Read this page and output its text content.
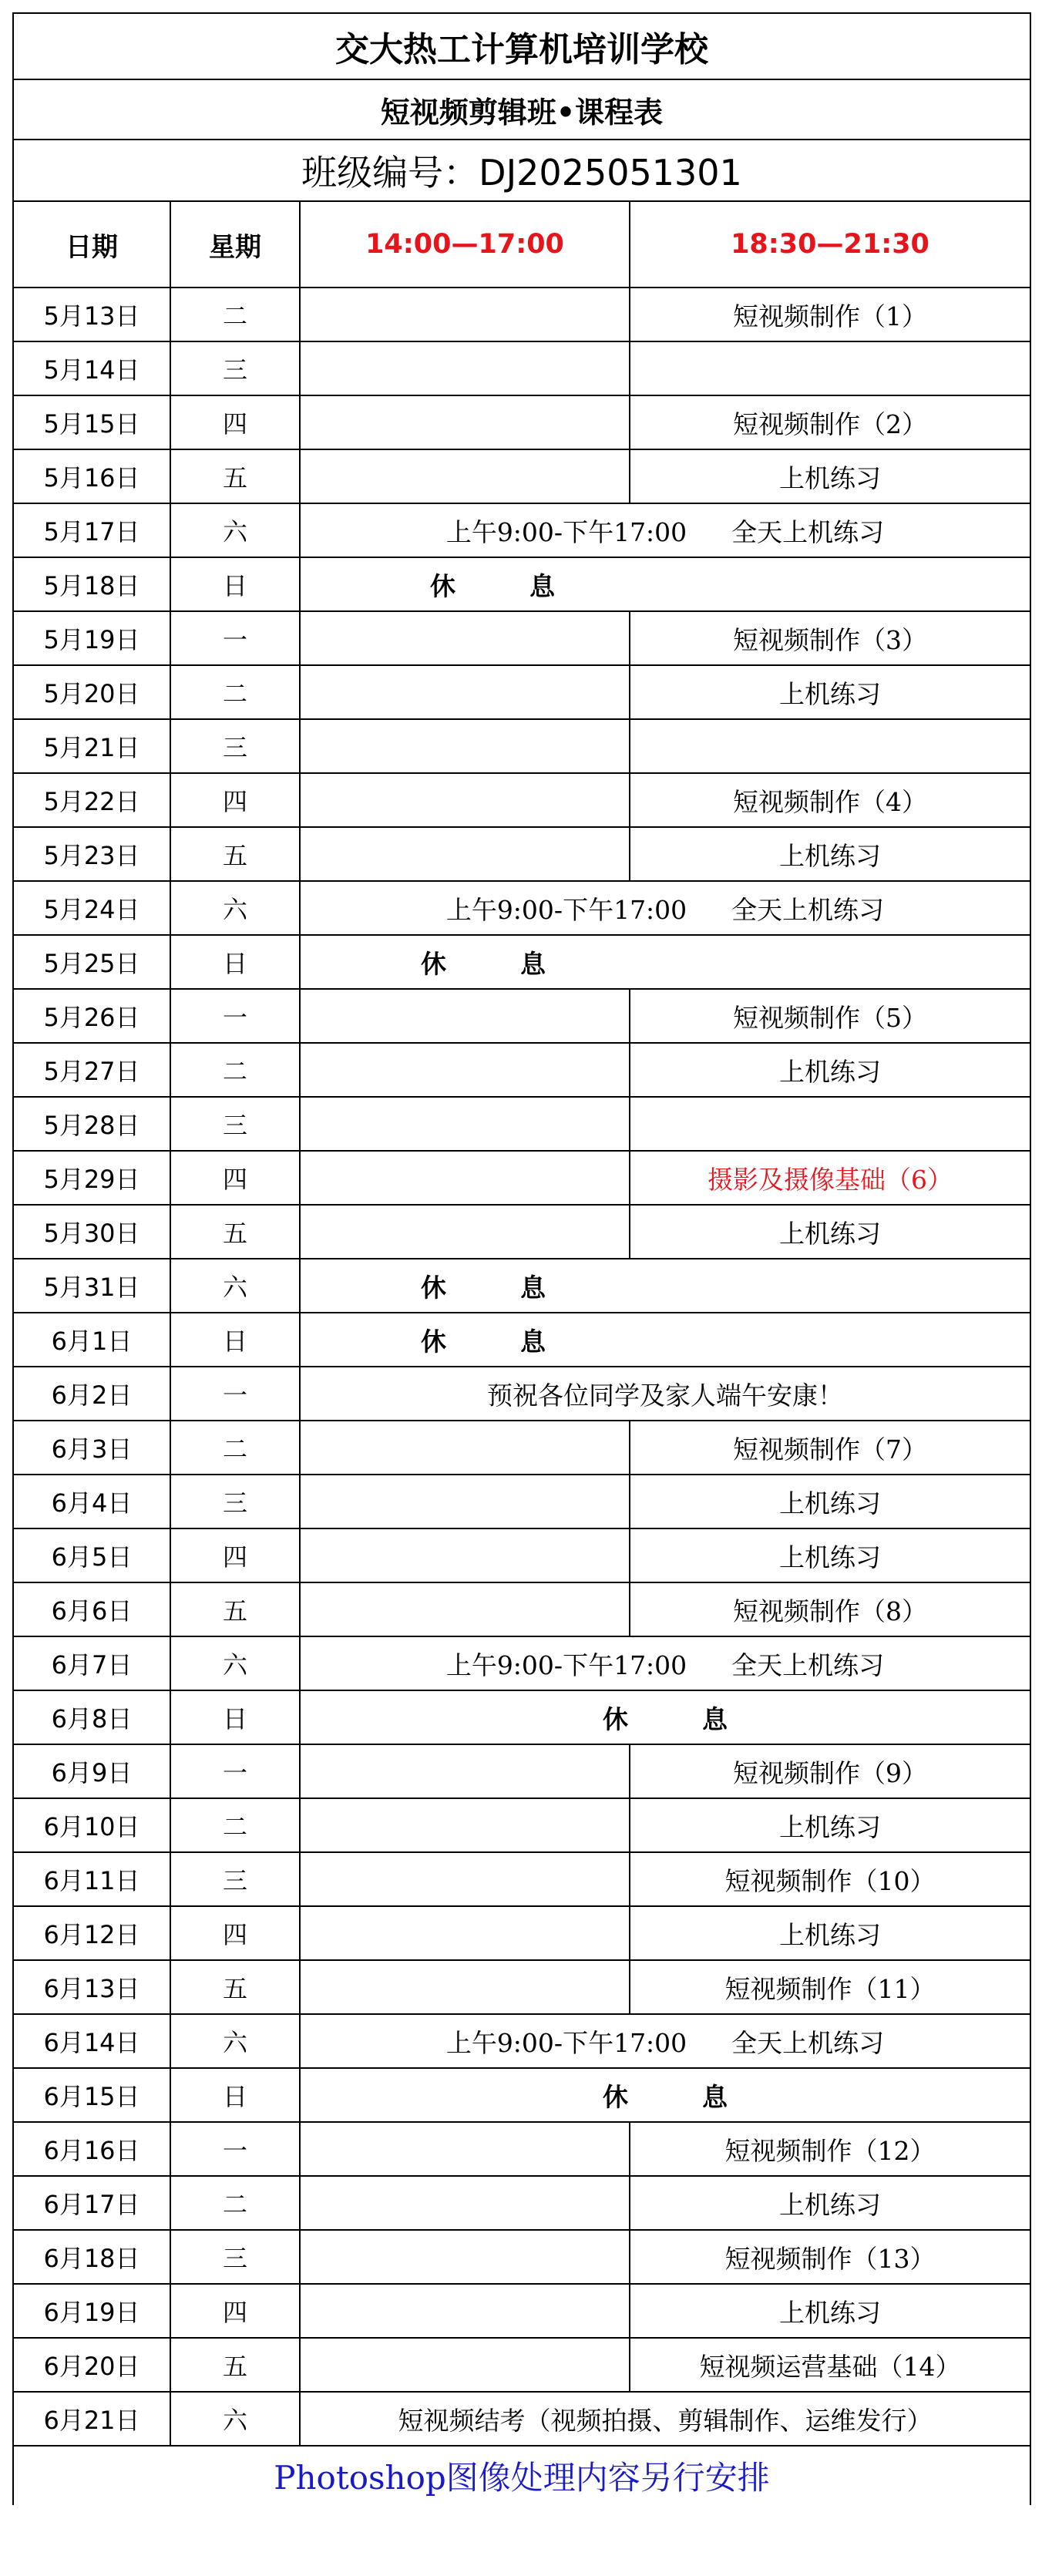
交大热工计算机培训学校			
短视频剪辑班•课程表			
班级编号：DJ2025051301			
日期	星期	14:00—17:00	18:30—21:30
5月13日	二		短视频制作（1）
5月14日	三		
5月15日	四		短视频制作（2）
5月16日	五		上机练习
5月17日	六	上午9:00-下午17:00 全天上机练习	
5月18日	日	休 息	
5月19日	一		短视频制作（3）
5月20日	二		上机练习
5月21日	三		
5月22日	四		短视频制作（4）
5月23日	五		上机练习
5月24日	六	上午9:00-下午17:00 全天上机练习	
5月25日	日	休 息	
5月26日	一		短视频制作（5）
5月27日	二		上机练习
5月28日	三		
5月29日	四		摄影及摄像基础（6）
5月30日	五		上机练习
5月31日	六	休 息	
6月1日	日	休 息	
6月2日	一	预祝各位同学及家人端午安康！	
6月3日	二		短视频制作（7）
6月4日	三		上机练习
6月5日	四		上机练习
6月6日	五		短视频制作（8）
6月7日	六	上午9:00-下午17:00 全天上机练习	
6月8日	日	休 息	
6月9日	一		短视频制作（9）
6月10日	二		上机练习
6月11日	三		短视频制作（10）
6月12日	四		上机练习
6月13日	五		短视频制作（11）
6月14日	六	上午9:00-下午17:00 全天上机练习	
6月15日	日	休 息	
6月16日	一		短视频制作（12）
6月17日	二		上机练习
6月18日	三		短视频制作（13）
6月19日	四		上机练习
6月20日	五		短视频运营基础（14）
6月21日	六	短视频结考（视频拍摄、剪辑制作、运维发行）	
Photoshop图像处理内容另行安排			
